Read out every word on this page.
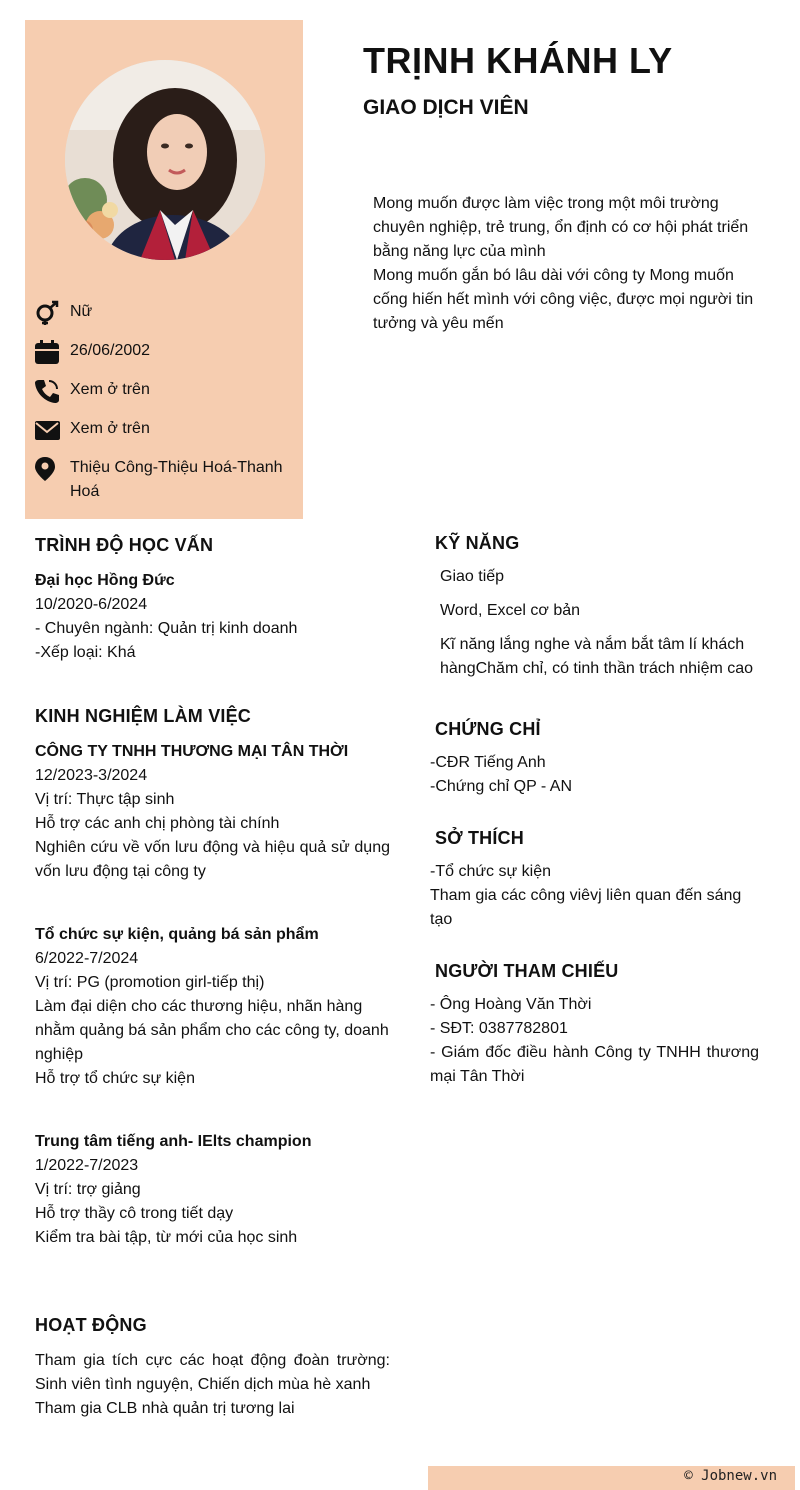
Nữ
26/06/2002
Xem ở trên
Xem ở trên
Thiệu Công-Thiệu Hoá-Thanh Hoá
TRỊNH KHÁNH LY
GIAO DỊCH VIÊN

Mong muốn được làm việc trong một môi trường chuyên nghiệp, trẻ trung, ổn định có cơ hội phát triển bằng năng lực của mình

Mong muốn gắn bó lâu dài với công ty Mong muốn cống hiến hết mình với công việc, được mọi người tin tưởng và yêu mến

TRÌNH ĐỘ HỌC VẤN
Đại học Hồng Đức
10/2020-6/2024
- Chuyên ngành: Quản trị kinh doanh
-Xếp loại: Khá
KINH NGHIỆM LÀM VIỆC
CÔNG TY TNHH THƯƠNG MẠI TÂN THỜI
12/2023-3/2024
Vị trí: Thực tập sinh
Hỗ trợ các anh chị phòng tài chính
Nghiên cứu về vốn lưu động và hiệu quả sử dụng vốn lưu động tại công ty
Tổ chức sự kiện, quảng bá sản phẩm
6/2022-7/2024
Vị trí: PG (promotion girl-tiếp thị)
Làm đại diện cho các thương hiệu, nhãn hàng nhằm quảng bá sản phẩm cho các công ty, doanh nghiệp
Hỗ trợ tổ chức sự kiện
Trung tâm tiếng anh- IElts champion
1/2022-7/2023
Vị trí: trợ giảng
Hỗ trợ thầy cô trong tiết dạy
Kiểm tra bài tập, từ mới của học sinh
HOẠT ĐỘNG
Tham gia tích cực các hoạt động đoàn trường: Sinh viên tình nguyện, Chiến dịch mùa hè xanh
Tham gia CLB nhà quản trị tương lai
KỸ NĂNG
Giao tiếp
Word, Excel cơ bản
Kĩ năng lắng nghe và nắm bắt tâm lí khách hàngChăm chỉ, có tinh thần trách nhiệm cao
CHỨNG CHỈ
-CĐR Tiếng Anh
-Chứng chỉ QP - AN
SỞ THÍCH
-Tổ chức sự kiện
Tham gia các công viêvj liên quan đến sáng tạo
NGƯỜI THAM CHIẾU
- Ông Hoàng Văn Thời
- SĐT: 0387782801
- Giám đốc điều hành Công ty TNHH thương mại Tân Thời
© Jobnew.vn
